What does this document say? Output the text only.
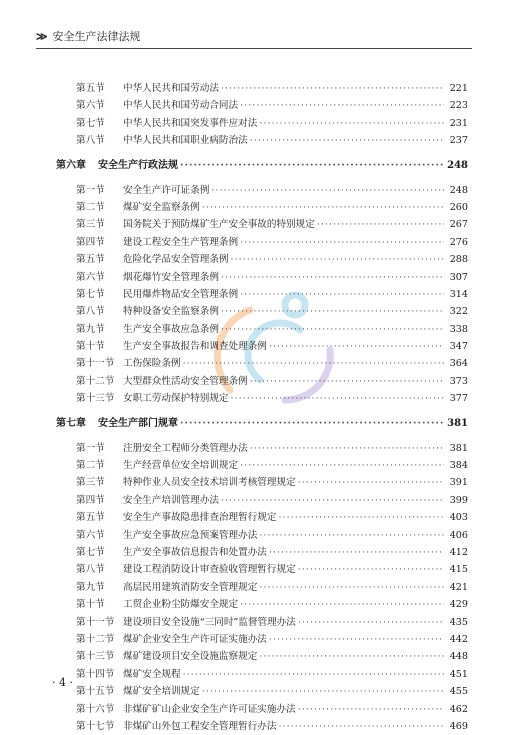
≫ 安全生产法律法规
第五节	中华人民共和国劳动法 ·····	221
第六节	中华人民共和国劳动合同法 ·····	223
第七节	中华人民共和国突发事件应对法 ·····	231
第八节	中华人民共和国职业病防治法 ·····	237
第六章 安全生产行政法规 ·····	248
第一节	安全生产许可证条例 ·····	248
第二节	煤矿安全监察条例 ·····	260
第三节	国务院关于预防煤矿生产安全事故的特别规定 ·····	267
第四节	建设工程安全生产管理条例 ·····	276
第五节	危险化学品安全管理条例 ·····	288
第六节	烟花爆竹安全管理条例 ·····	307
第七节	民用爆炸物品安全管理条例 ·····	314
第八节	特种设备安全监察条例 ·····	322
第九节	生产安全事故应急条例 ·····	338
第十节	生产安全事故报告和调查处理条例 ·····	347
第十一节 工伤保险条例 ·····	364
第十二节 大型群众性活动安全管理条例 ·····	373
第十三节 女职工劳动保护特别规定 ·····	377
第七章 安全生产部门规章 ·····	381
第一节	注册安全工程师分类管理办法 ·····	381
第二节	生产经营单位安全培训规定 ·····	384
第三节	特种作业人员安全技术培训考核管理规定 ·····	391
第四节	安全生产培训管理办法 ·····	399
第五节	安全生产事故隐患排查治理暂行规定 ·····	403
第六节	生产安全事故应急预案管理办法 ·····	406
第七节	生产安全事故信息报告和处置办法 ·····	412
第八节	建设工程消防设计审查验收管理暂行规定 ·····	415
第九节	高层民用建筑消防安全管理规定 ·····	421
第十节	工贸企业粉尘防爆安全规定 ·····	429
第十一节 建设项目安全设施“三同时”监督管理办法 ·····	435
第十二节 煤矿企业安全生产许可证实施办法 ·····	442
第十三节 煤矿建设项目安全设施监察规定 ·····	448
第十四节 煤矿安全规程 ·····	451
第十五节 煤矿安全培训规定 ·····	455
第十六节 非煤矿矿山企业安全生产许可证实施办法 ·····	462
第十七节 非煤矿山外包工程安全管理暂行办法 ·····	469
· 4 ·
